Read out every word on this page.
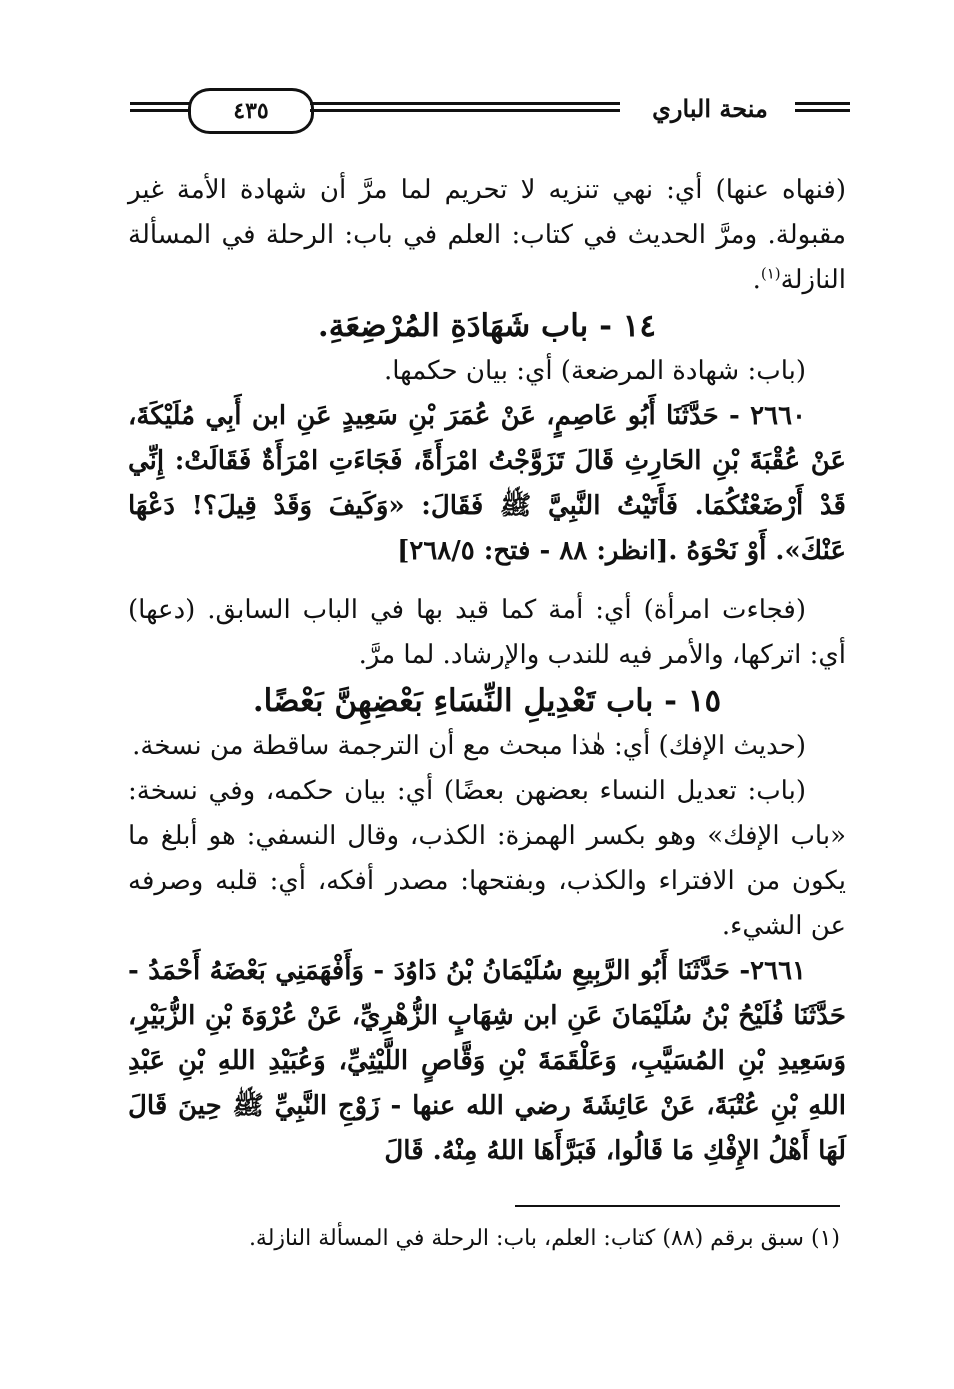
٤٣٥	منحة الباري

(فنهاه عنها) أي: نهي تنزيه لا تحريم لما مرَّ أن شهادة الأمة غير مقبولة. ومرَّ الحديث في كتاب: العلم في باب: الرحلة في المسألة النازلة$^{(١)}$.

١٤ - باب شَهَادَةِ المُرْضِعَةِ.

(باب: شهادة المرضعة) أي: بيان حكمها.

٢٦٦٠ - حَدَّثَنَا أَبُو عَاصِمٍ، عَنْ عُمَرَ بْنِ سَعِيدٍ عَنِ ابن أَبِي مُلَيْكَةَ، عَنْ عُقْبَةَ بْنِ الحَارِثِ قَالَ تَزَوَّجْتُ امْرَأَةً، فَجَاءَتِ امْرَأَةٌ فَقَالَتْ: إِنِّي قَدْ أَرْضَعْتُكُمَا. فَأَتَيْتُ النَّبِيَّ ﷺ فَقَالَ: «وَكَيفَ وَقَدْ قِيلَ؟! دَعْهَا عَنْكَ». أَوْ نَحْوَهُ .[انظر: ٨٨ - فتح: ٢٦٨/٥]

(فجاءت امرأة) أي: أمة كما قيد بها في الباب السابق. (دعها) أي: اتركها، والأمر فيه للندب والإرشاد. لما مرَّ.

١٥ - باب تَعْدِيلِ النِّسَاءِ بَعْضِهِنَّ بَعْضًا.

(حديث الإفك) أي: هٰذا مبحث مع أن الترجمة ساقطة من نسخة.

(باب: تعديل النساء بعضهن بعضًا) أي: بيان حكمه، وفي نسخة: «باب الإفك» وهو بكسر الهمزة: الكذب، وقال النسفي: هو أبلغ ما يكون من الافتراء والكذب، وبفتحها: مصدر أفكه، أي: قلبه وصرفه عن الشيء.

٢٦٦١- حَدَّثَنَا أَبُو الرَّبِيعِ سُلَيْمَانُ بْنُ دَاوُدَ - وَأَفْهَمَنِي بَعْضَهُ أَحْمَدُ - حَدَّثَنَا فُلَيْحُ بْنُ سُلَيْمَانَ عَنِ ابن شِهَابٍ الزُّهْرِيِّ، عَنْ عُرْوَةَ بْنِ الزُّبَيْرِ، وَسَعِيدِ بْنِ المُسَيَّبِ، وَعَلْقَمَةَ بْنِ وَقَّاصٍ اللَّيْثِيِّ، وَعُبَيْدِ اللهِ بْنِ عَبْدِ اللهِ بْنِ عُتْبَةَ، عَنْ عَائِشَةَ رضي الله عنها - زَوْجِ النَّبِيِّ ﷺ حِينَ قَالَ لَهَا أَهْلُ الإِفْكِ مَا قَالُوا، فَبَرَّأَهَا اللهُ مِنْهُ. قَالَ

(١) سبق برقم (٨٨) كتاب: العلم، باب: الرحلة في المسألة النازلة.
